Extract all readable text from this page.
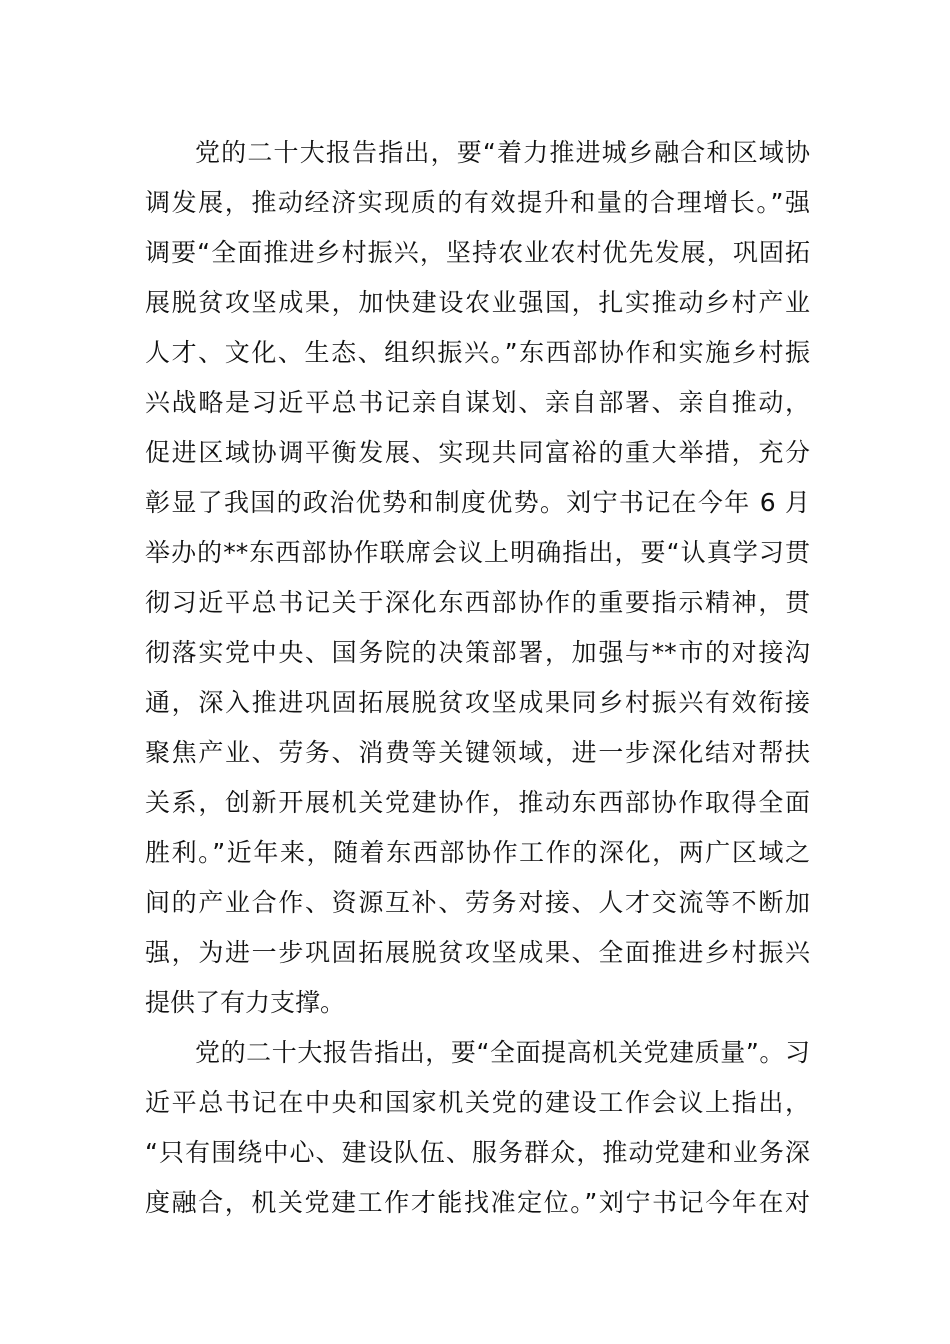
党的二十大报告指出，要“着力推进城乡融合和区域协
调发展，推动经济实现质的有效提升和量的合理增长。”强
调要“全面推进乡村振兴，坚持农业农村优先发展，巩固拓
展脱贫攻坚成果，加快建设农业强国，扎实推动乡村产业
人才、文化、生态、组织振兴。”东西部协作和实施乡村振
兴战略是习近平总书记亲自谋划、亲自部署、亲自推动，
促进区域协调平衡发展、实现共同富裕的重大举措，充分
彰显了我国的政治优势和制度优势。刘宁书记在今年 6 月
举办的**东西部协作联席会议上明确指出，要“认真学习贯
彻习近平总书记关于深化东西部协作的重要指示精神，贯
彻落实党中央、国务院的决策部署，加强与**市的对接沟
通，深入推进巩固拓展脱贫攻坚成果同乡村振兴有效衔接
聚焦产业、劳务、消费等关键领域，进一步深化结对帮扶
关系，创新开展机关党建协作，推动东西部协作取得全面
胜利。”近年来，随着东西部协作工作的深化，两广区域之
间的产业合作、资源互补、劳务对接、人才交流等不断加
强，为进一步巩固拓展脱贫攻坚成果、全面推进乡村振兴
提供了有力支撑。
党的二十大报告指出，要“全面提高机关党建质量”。习
近平总书记在中央和国家机关党的建设工作会议上指出，
“只有围绕中心、建设队伍、服务群众，推动党建和业务深
度融合，机关党建工作才能找准定位。”刘宁书记今年在对
